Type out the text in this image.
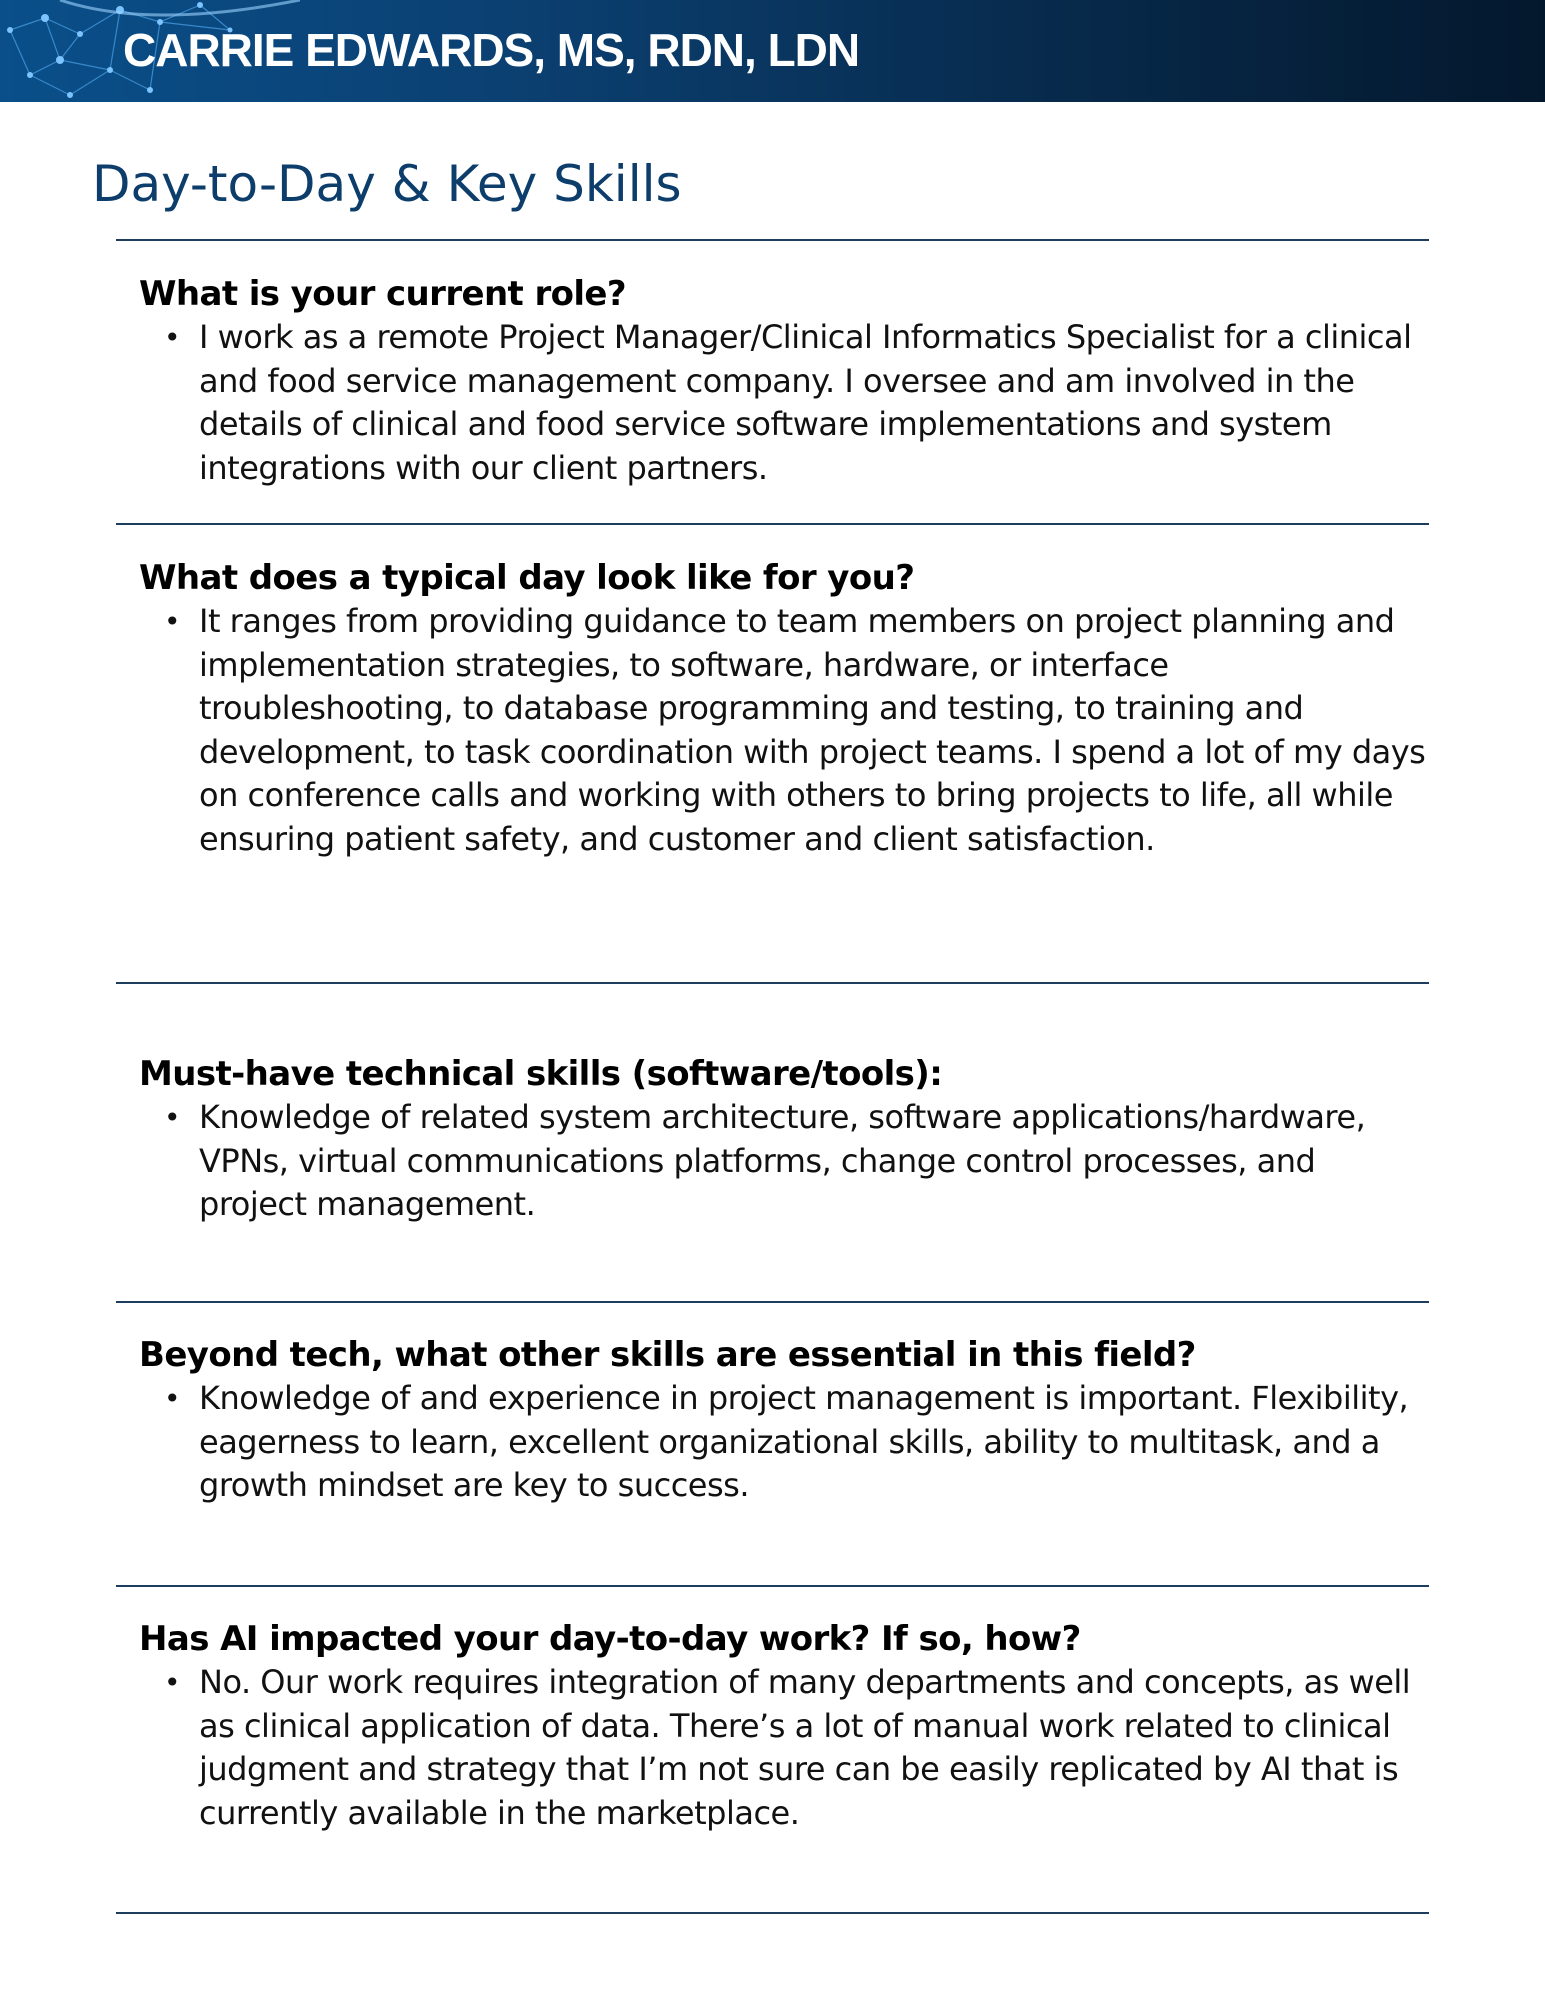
CARRIE EDWARDS, MS, RDN, LDN
Day-to-Day & Key Skills

What is your current role?

• I work as a remote Project Manager/Clinical Informatics Specialist for a clinical and food service management company. I oversee and am involved in the details of clinical and food service software implementations and system integrations with our client partners.

What does a typical day look like for you?

• It ranges from providing guidance to team members on project planning and implementation strategies, to software, hardware, or interface troubleshooting, to database programming and testing, to training and development, to task coordination with project teams. I spend a lot of my days on conference calls and working with others to bring projects to life, all while ensuring patient safety, and customer and client satisfaction.

Must-have technical skills (software/tools):

• Knowledge of related system architecture, software applications/hardware, VPNs, virtual communications platforms, change control processes, and project management.

Beyond tech, what other skills are essential in this field?

• Knowledge of and experience in project management is important. Flexibility, eagerness to learn, excellent organizational skills, ability to multitask, and a growth mindset are key to success.

Has AI impacted your day-to-day work? If so, how?

• No. Our work requires integration of many departments and concepts, as well as clinical application of data. There’s a lot of manual work related to clinical judgment and strategy that I’m not sure can be easily replicated by AI that is currently available in the marketplace.
